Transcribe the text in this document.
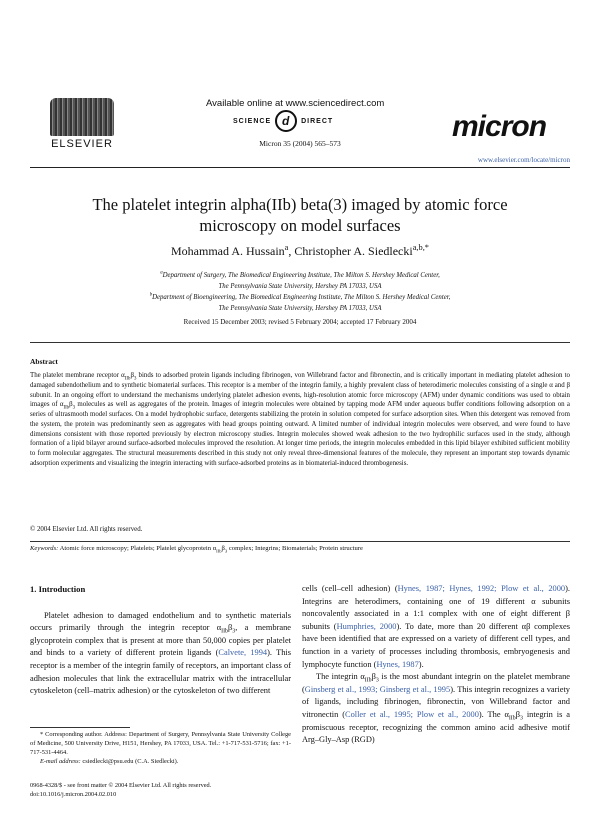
ELSEVIER
Available online at www.sciencedirect.com
SCIENCE d	DIRECT	micron
Micron 35 (2004) 565–573
www.elsevier.com/locate/micron
The platelet integrin alpha(IIb) beta(3) imaged by atomic force microscopy on model surfaces
Mohammad A. Hussain$^a$, Christopher A. Siedlecki$^{a,b,*}$
$^a$Department of Surgery, The Biomedical Engineering Institute, The Milton S. Hershey Medical Center,
The Pennsylvania State University, Hershey PA 17033, USA
$^b$Department of Bioengineering, The Biomedical Engineering Institute, The Milton S. Hershey Medical Center,
The Pennsylvania State University, Hershey PA 17033, USA
Received 15 December 2003; revised 5 February 2004; accepted 17 February 2004
Abstract
The platelet membrane receptor $\alpha_{IIb}\beta_3$ binds to adsorbed protein ligands including fibrinogen, von Willebrand factor and fibronectin, and is critically important in mediating platelet adhesion to damaged subendothelium and to synthetic biomaterial surfaces. This receptor is a member of the integrin family, a highly prevalent class of heterodimeric molecules consisting of a single α and β subunit. In an ongoing effort to understand the mechanisms underlying platelet adhesion events, high-resolution atomic force microscopy (AFM) under dynamic conditions was used to obtain images of $\alpha_{IIb}\beta_3$ molecules as well as aggregates of the protein. Images of integrin molecules were obtained by tapping mode AFM under aqueous buffer conditions following adsorption on a series of ultrasmooth model surfaces. On a model hydrophobic surface, detergents stabilizing the protein in solution competed for surface adsorption sites. When this detergent was removed from the system, the protein was predominantly seen as aggregates with head groups pointing outward. A limited number of individual integrin molecules were observed, and were found to have dimensions consistent with those reported previously by electron microscopy studies. Integrin molecules showed weak adhesion to the two hydrophilic surfaces used in the study, although formation of a lipid bilayer around surface-adsorbed molecules improved the resolution. At longer time periods, the integrin molecules embedded in this lipid bilayer exhibited sufficient mobility to form molecular aggregates. The structural measurements described in this study not only reveal three-dimensional features of the molecule, they represent an important step towards dynamic adsorption experiments and visualizing the integrin interacting with surface-adsorbed proteins as in biomaterial-induced thrombogenesis.
© 2004 Elsevier Ltd. All rights reserved.
Keywords: Atomic force microscopy; Platelets; Platelet glycoprotein $\alpha_{IIb}\beta_3$ complex; Integrins; Biomaterials; Protein structure
1. Introduction

Platelet adhesion to damaged endothelium and to synthetic materials occurs primarily through the integrin receptor $\alpha_{IIb}\beta_3$, a membrane glycoprotein complex that is present at more than 50,000 copies per platelet and binds to a variety of different protein ligands (Calvete, 1994). This receptor is a member of the integrin family of receptors, an important class of adhesion molecules that link the extracellular matrix with the intracellular cytoskeleton (cell–matrix adhesion) or the cytoskeleton of two different

cells (cell–cell adhesion) (Hynes, 1987; Hynes, 1992; Plow et al., 2000). Integrins are heterodimers, containing one of 19 different α subunits noncovalently associated in a 1:1 complex with one of eight different β subunits (Humphries, 2000). To date, more than 20 different αβ complexes have been identified that are expressed on a variety of different cell types, and function in a variety of processes including thrombosis, embryogenesis and lymphocyte function (Hynes, 1987).

The integrin $\alpha_{IIb}\beta_3$ is the most abundant integrin on the platelet membrane (Ginsberg et al., 1993; Ginsberg et al., 1995). This integrin recognizes a variety of ligands, including fibrinogen, fibronectin, von Willebrand factor and vitronectin (Coller et al., 1995; Plow et al., 2000). The $\alpha_{IIb}\beta_3$ integrin is a promiscuous receptor, recognizing the common amino acid adhesive motif Arg–Gly–Asp (RGD)

* Corresponding author. Address: Department of Surgery, Pennsylvania State University College of Medicine, 500 University Drive, H151, Hershey, PA 17033, USA. Tel.: +1-717-531-5716; fax: +1-717-531-4464.
E-mail address: csiedlecki@psu.edu (C.A. Siedlecki).
0968-4328/$ - see front matter © 2004 Elsevier Ltd. All rights reserved.
doi:10.1016/j.micron.2004.02.010
